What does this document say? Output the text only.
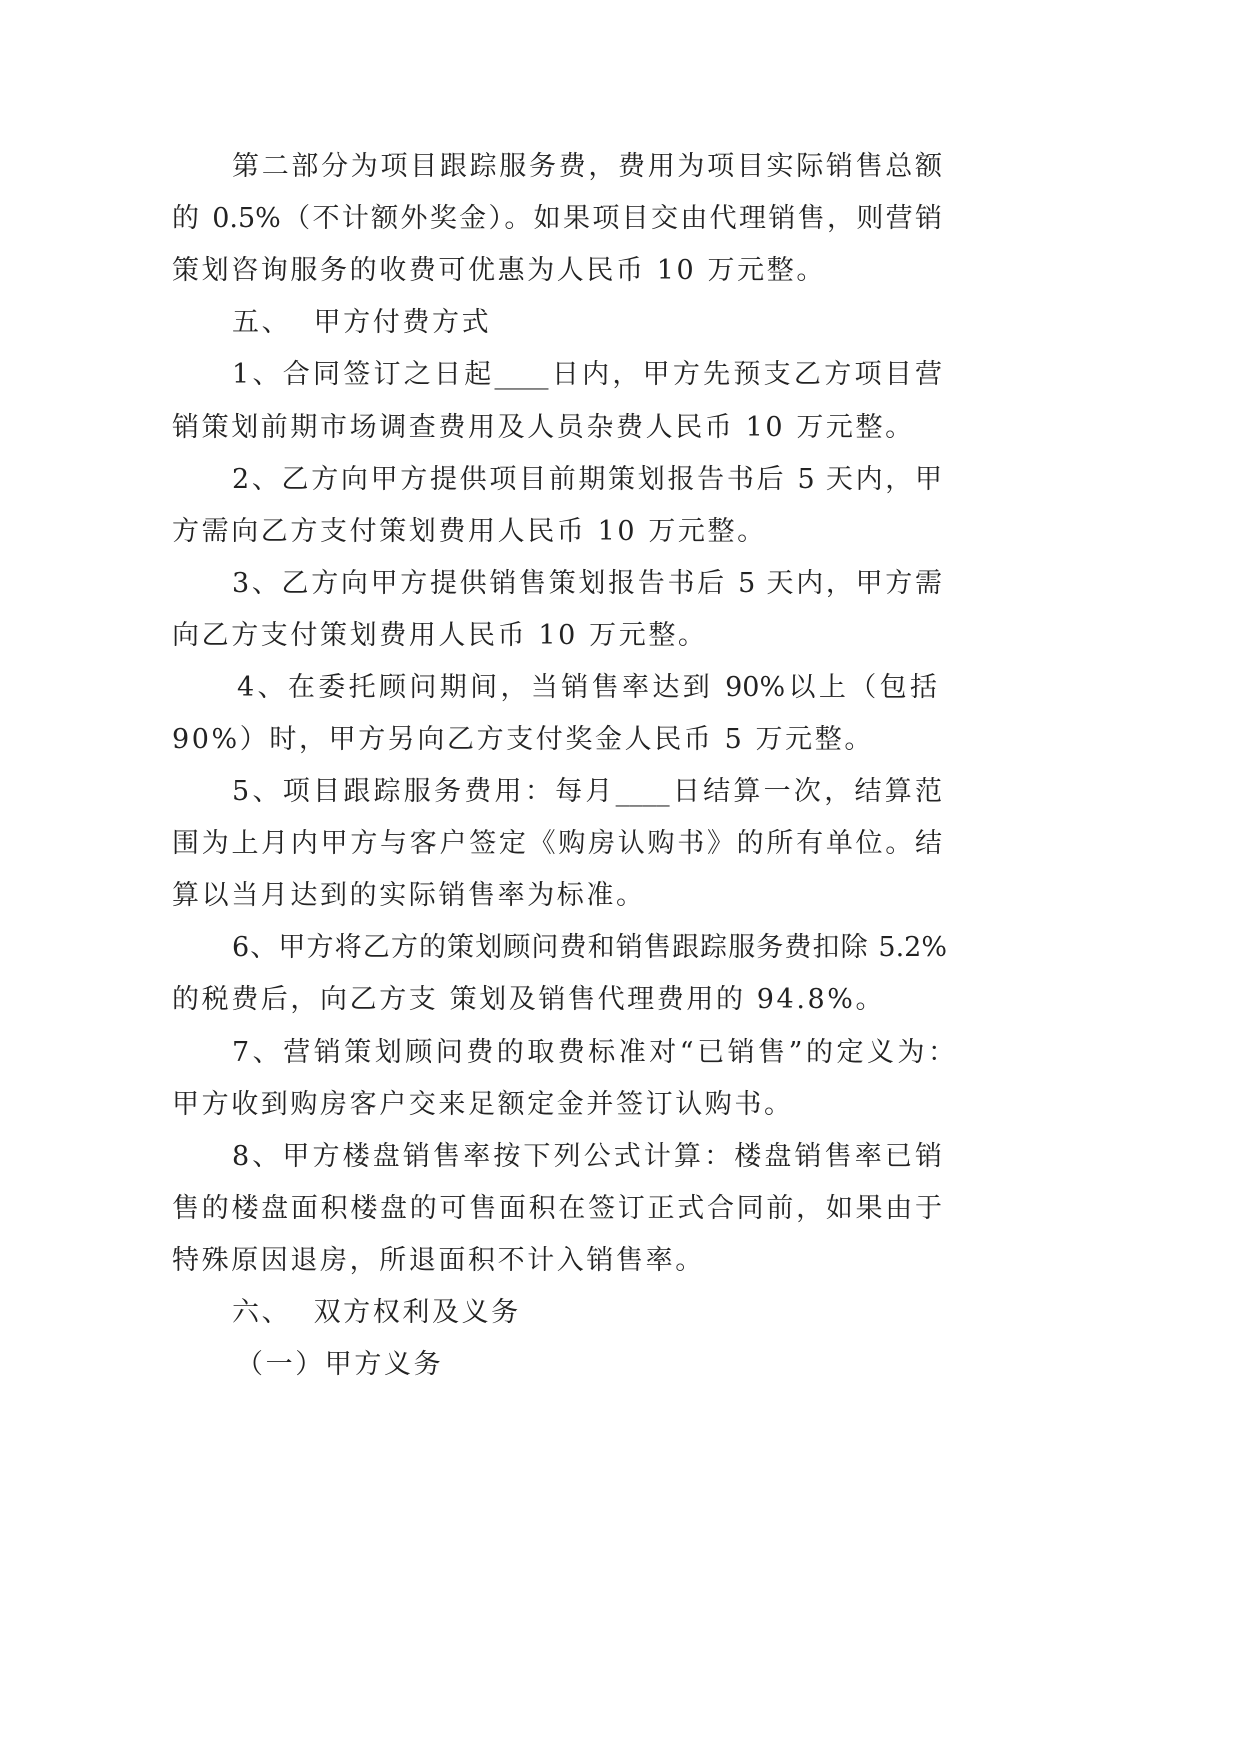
第二部分为项目跟踪服务费，费用为项目实际销售总额
的 0.5%（不计额外奖金）。如果项目交由代理销售，则营销
策划咨询服务的收费可优惠为人民币 10 万元整。
五、  甲方付费方式
1、合同签订之日起____日内，甲方先预支乙方项目营
销策划前期市场调查费用及人员杂费人民币 10 万元整。
2、乙方向甲方提供项目前期策划报告书后 5 天内，甲
方需向乙方支付策划费用人民币 10 万元整。
3、乙方向甲方提供销售策划报告书后 5 天内，甲方需
向乙方支付策划费用人民币 10 万元整。
4、在委托顾问期间，当销售率达到 90%以上（包括
90%）时，甲方另向乙方支付奖金人民币 5 万元整。
5、项目跟踪服务费用：每月____日结算一次，结算范
围为上月内甲方与客户签定《购房认购书》的所有单位。结
算以当月达到的实际销售率为标准。
6、甲方将乙方的策划顾问费和销售跟踪服务费扣除 5.2%
的税费后，向乙方支 策划及销售代理费用的 94.8%。
7、营销策划顾问费的取费标准对“已销售”的定义为：
甲方收到购房客户交来足额定金并签订认购书。
8、甲方楼盘销售率按下列公式计算：楼盘销售率已销
售的楼盘面积楼盘的可售面积在签订正式合同前，如果由于
特殊原因退房，所退面积不计入销售率。
六、  双方权利及义务
（一）甲方义务
